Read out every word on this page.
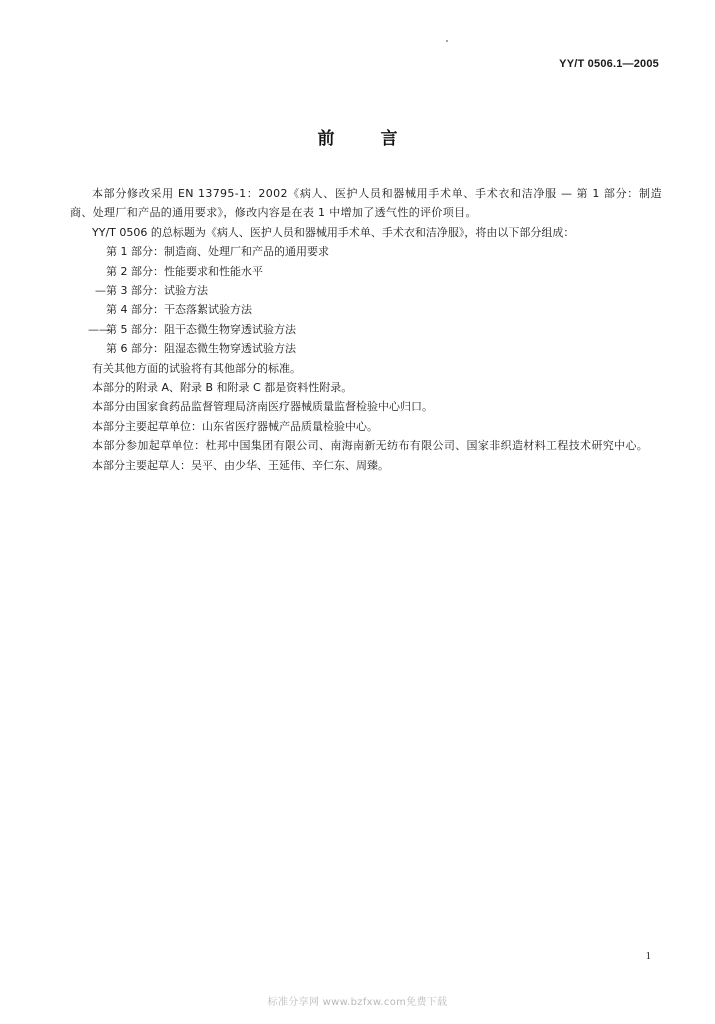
YY/T 0506.1—2005
前言

本部分修改采用 EN 13795-1：2002《病人、医护人员和器械用手术单、手术衣和洁净服 — 第 1 部分：制造商、处理厂和产品的通用要求》，修改内容是在表 1 中增加了透气性的评价项目。

YY/T 0506 的总标题为《病人、医护人员和器械用手术单、手术衣和洁净服》，将由以下部分组成：

第 1 部分：制造商、处理厂和产品的通用要求

第 2 部分：性能要求和性能水平

—第 3 部分：试验方法

第 4 部分：干态落絮试验方法

——第 5 部分：阻干态微生物穿透试验方法

第 6 部分：阻湿态微生物穿透试验方法

有关其他方面的试验将有其他部分的标准。

本部分的附录 A、附录 B 和附录 C 都是资料性附录。

本部分由国家食药品监督管理局济南医疗器械质量监督检验中心归口。

本部分主要起草单位：山东省医疗器械产品质量检验中心。

本部分参加起草单位：杜邦中国集团有限公司、南海南新无纺布有限公司、国家非织造材料工程技术研究中心。

本部分主要起草人：吴平、由少华、王延伟、辛仁东、周臻。

1
标准分享网 www.bzfxw.com免费下载
